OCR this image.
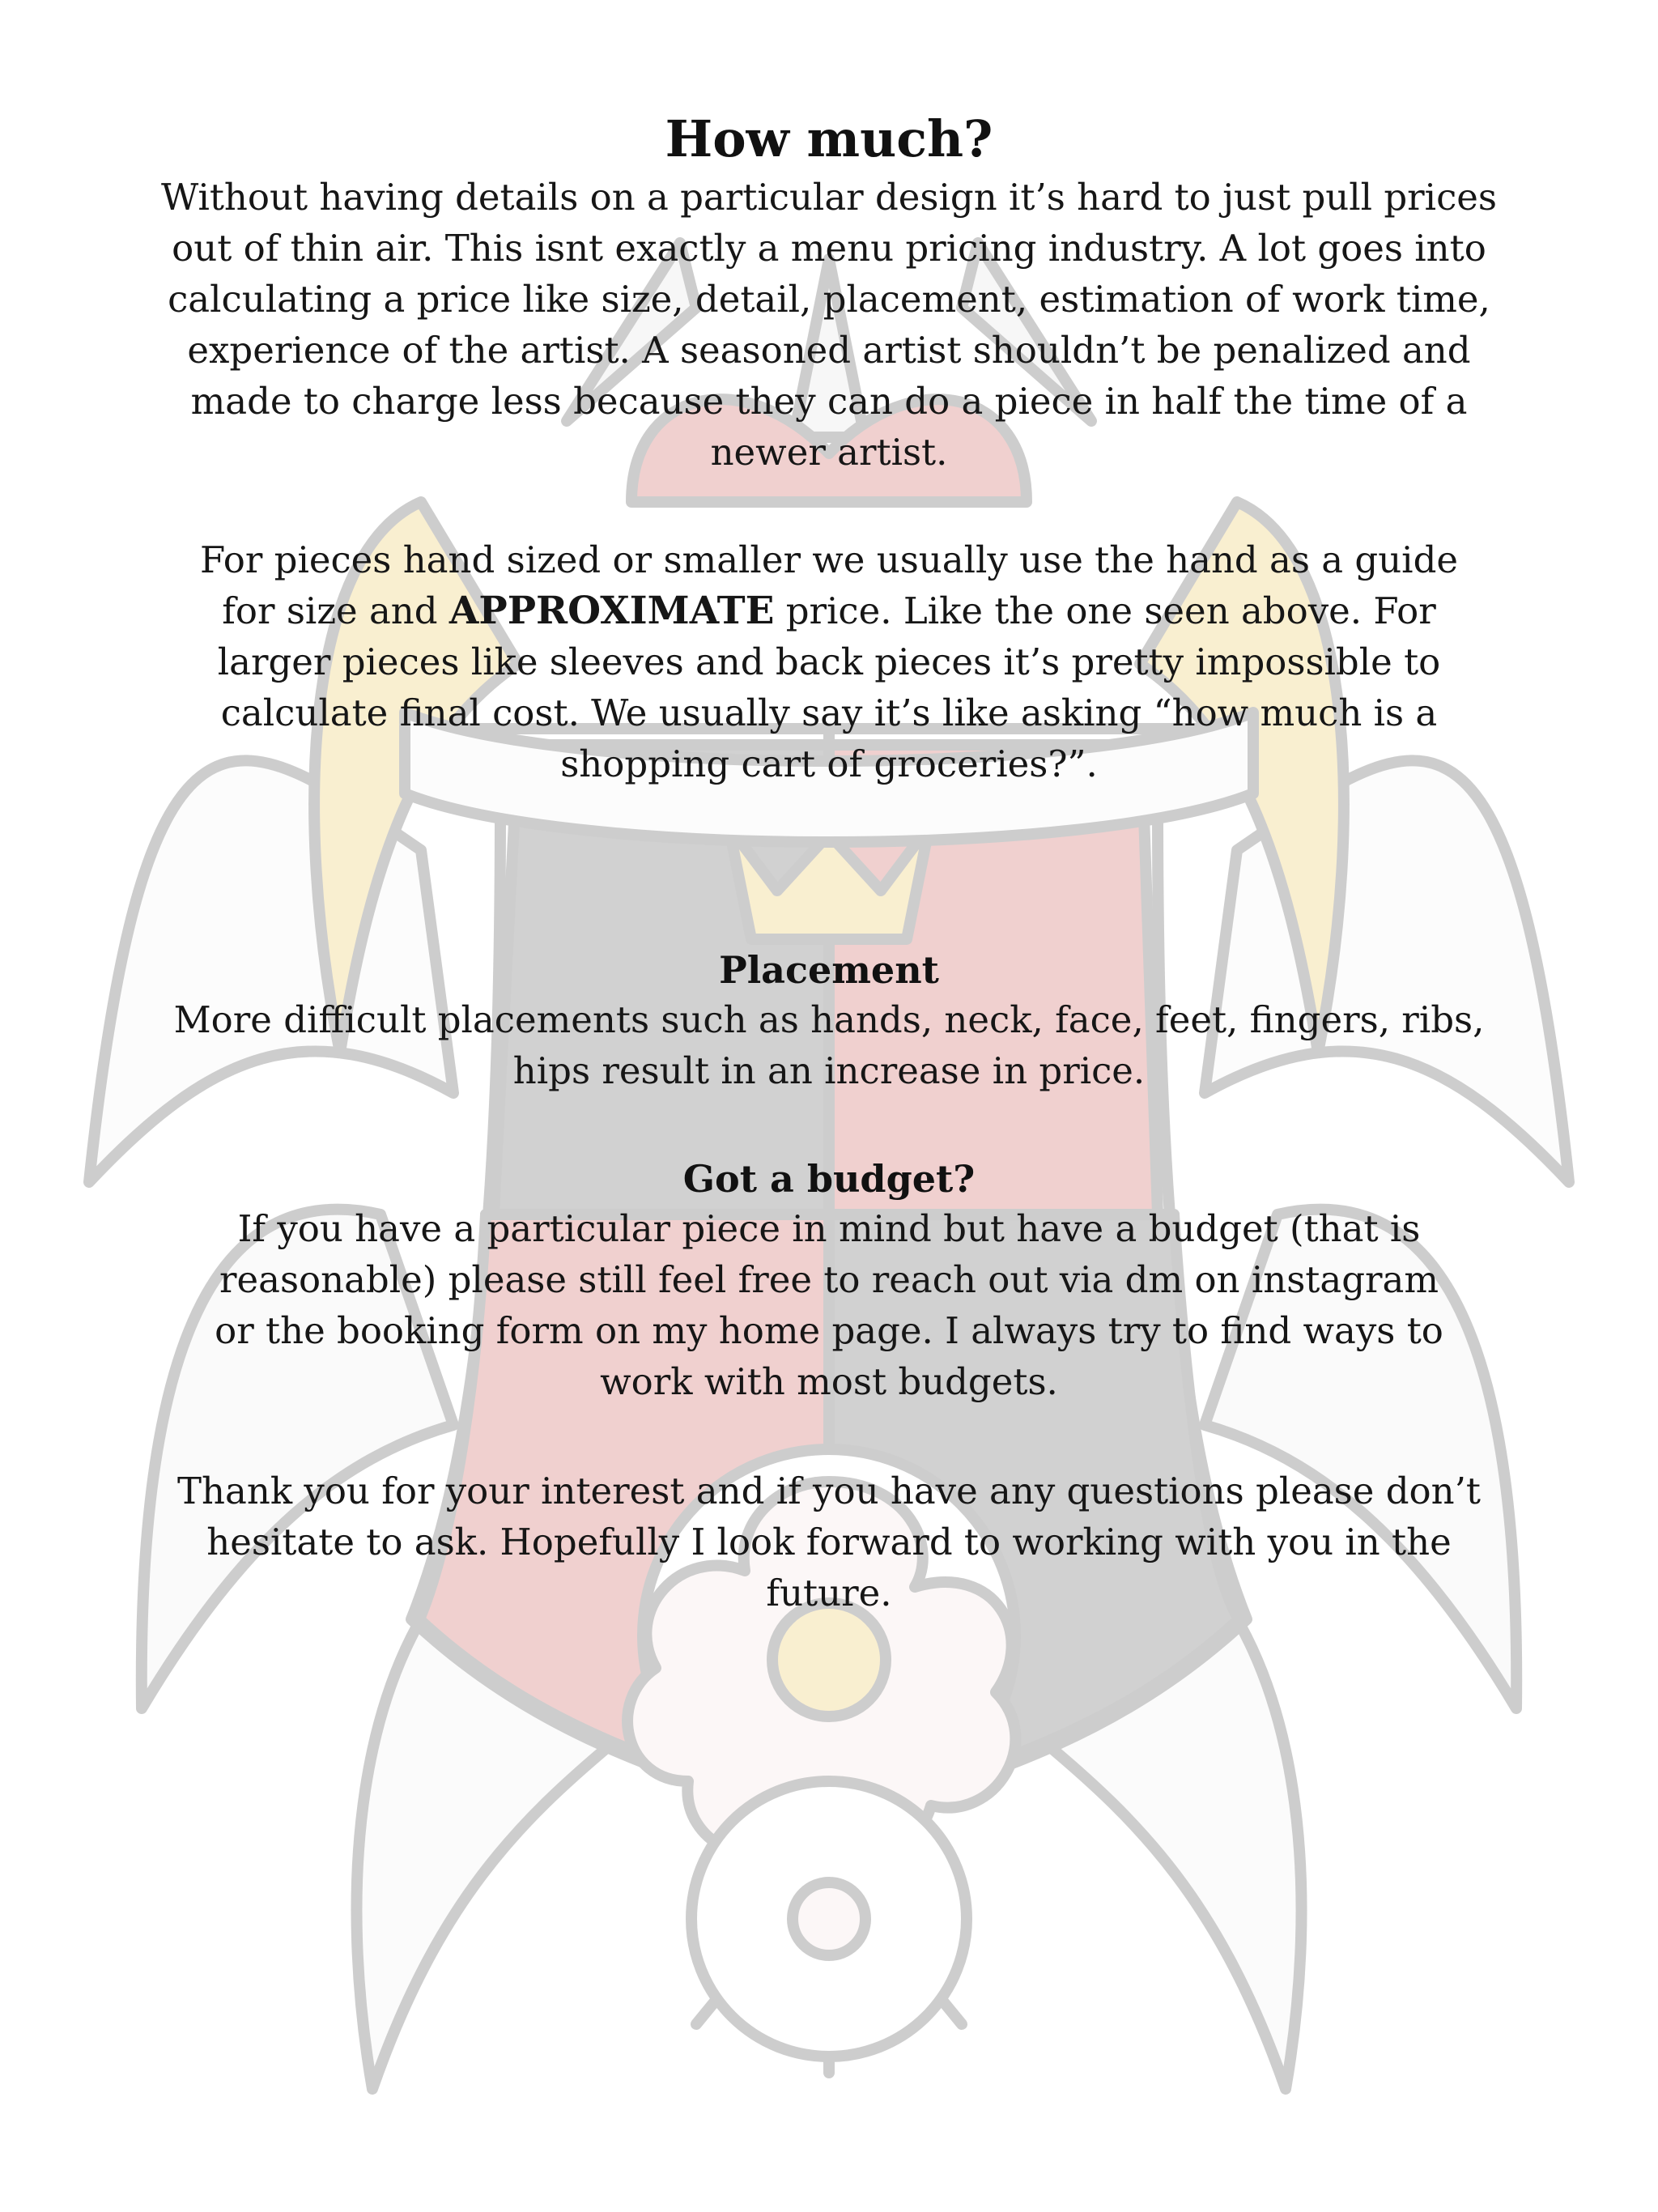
How much?

Without having details on a particular design it’s hard to just pull prices out of thin air. This isnt exactly a menu pricing industry. A lot goes into calculating a price like size, detail, placement, estimation of work time, experience of the artist. A seasoned artist shouldn’t be penalized and made to charge less because they can do a piece in half the time of a newer artist.

For pieces hand sized or smaller we usually use the hand as a guide for size and APPROXIMATE price. Like the one seen above. For larger pieces like sleeves and back pieces it’s pretty impossible to calculate final cost. We usually say it’s like asking “how much is a shopping cart of groceries?”.

Placement

More difficult placements such as hands, neck, face, feet, fingers, ribs, hips result in an increase in price.

Got a budget?

If you have a particular piece in mind but have a budget (that is reasonable) please still feel free to reach out via dm on instagram or the booking form on my home page. I always try to find ways to work with most budgets.

Thank you for your interest and if you have any questions please don’t hesitate to ask. Hopefully I look forward to working with you in the future.
